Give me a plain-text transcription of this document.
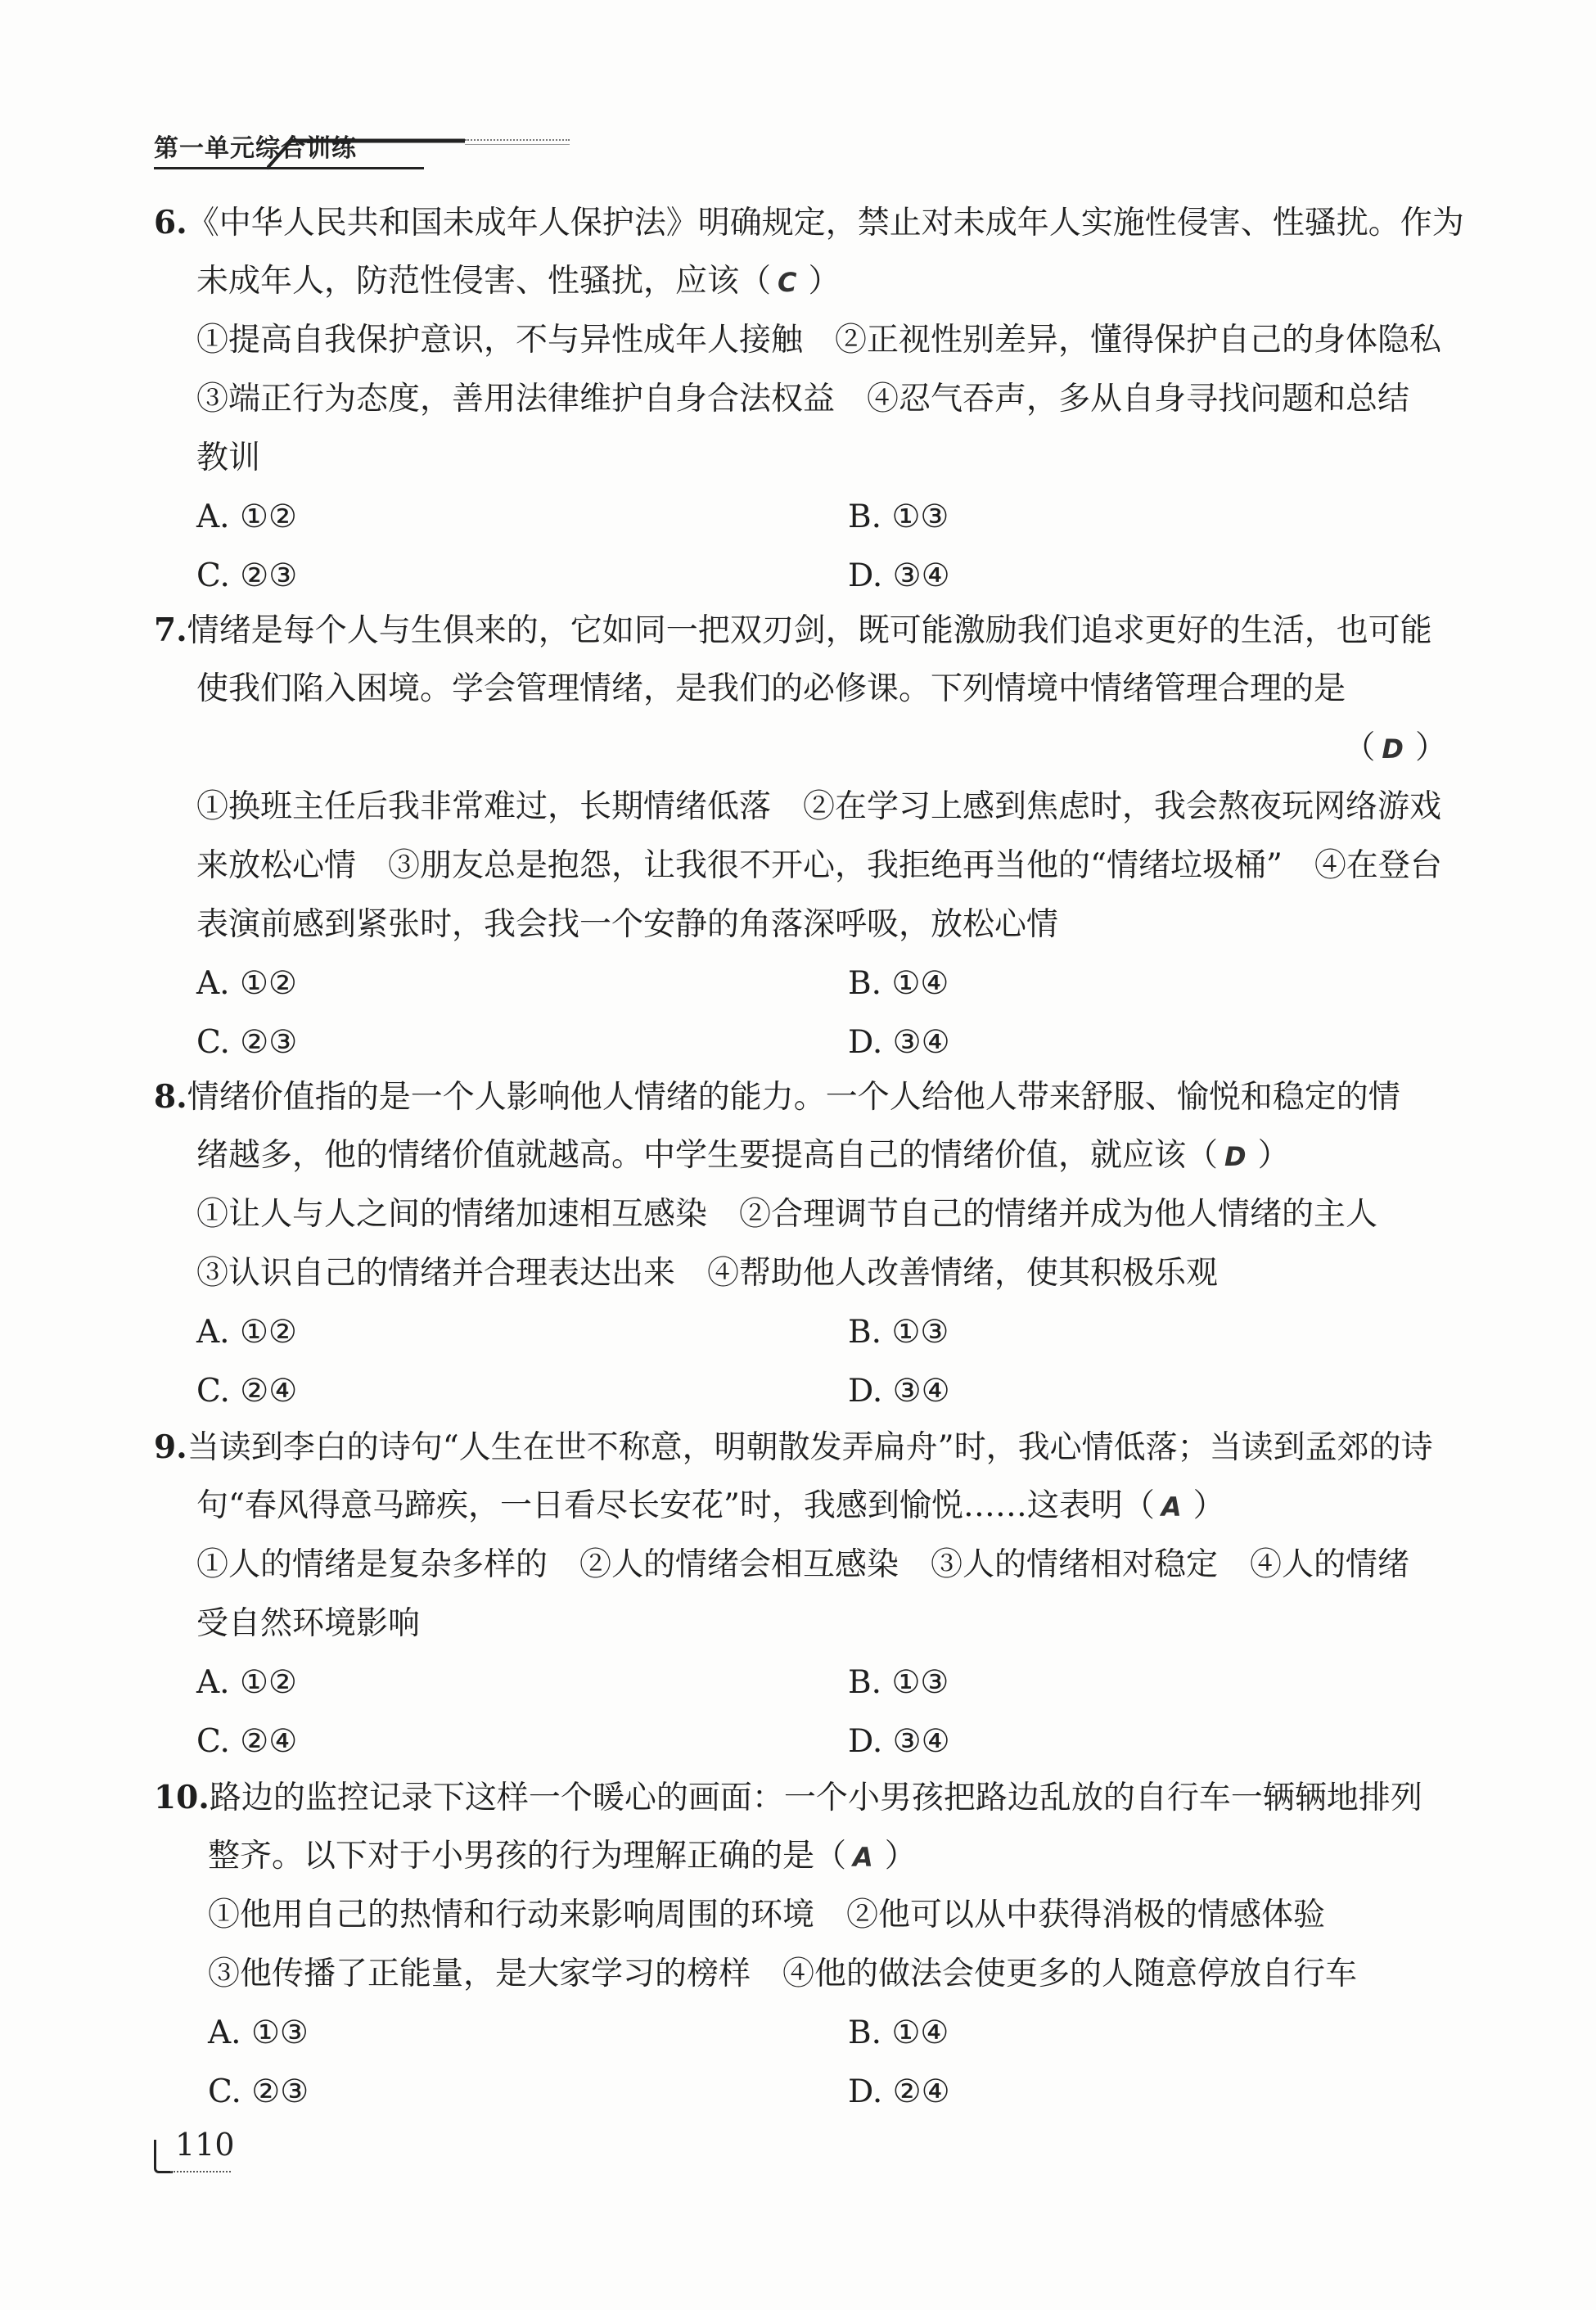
第一单元综合训练
6.《中华人民共和国未成年人保护法》明确规定，禁止对未成年人实施性侵害、性骚扰。作为
未成年人，防范性侵害、性骚扰，应该（ C ）
①提高自我保护意识，不与异性成年人接触　②正视性别差异，懂得保护自己的身体隐私
③端正行为态度，善用法律维护自身合法权益　④忍气吞声，多从自身寻找问题和总结
教训
A. ①②	B. ①③
C. ②③	D. ③④
7.情绪是每个人与生俱来的，它如同一把双刃剑，既可能激励我们追求更好的生活，也可能
使我们陷入困境。学会管理情绪，是我们的必修课。下列情境中情绪管理合理的是
（ D ）
①换班主任后我非常难过，长期情绪低落　②在学习上感到焦虑时，我会熬夜玩网络游戏
来放松心情　③朋友总是抱怨，让我很不开心，我拒绝再当他的“情绪垃圾桶”　④在登台
表演前感到紧张时，我会找一个安静的角落深呼吸，放松心情
A. ①②	B. ①④
C. ②③	D. ③④
8.情绪价值指的是一个人影响他人情绪的能力。一个人给他人带来舒服、愉悦和稳定的情
绪越多，他的情绪价值就越高。中学生要提高自己的情绪价值，就应该（ D ）
①让人与人之间的情绪加速相互感染　②合理调节自己的情绪并成为他人情绪的主人
③认识自己的情绪并合理表达出来　④帮助他人改善情绪，使其积极乐观
A. ①②	B. ①③
C. ②④	D. ③④
9.当读到李白的诗句“人生在世不称意，明朝散发弄扁舟”时，我心情低落；当读到孟郊的诗
句“春风得意马蹄疾，一日看尽长安花”时，我感到愉悦……这表明（ A ）
①人的情绪是复杂多样的　②人的情绪会相互感染　③人的情绪相对稳定　④人的情绪
受自然环境影响
A. ①②	B. ①③
C. ②④	D. ③④
10.路边的监控记录下这样一个暖心的画面：一个小男孩把路边乱放的自行车一辆辆地排列
整齐。以下对于小男孩的行为理解正确的是（ A ）
①他用自己的热情和行动来影响周围的环境　②他可以从中获得消极的情感体验
③他传播了正能量，是大家学习的榜样　④他的做法会使更多的人随意停放自行车
A. ①③	B. ①④
C. ②③	D. ②④
110
